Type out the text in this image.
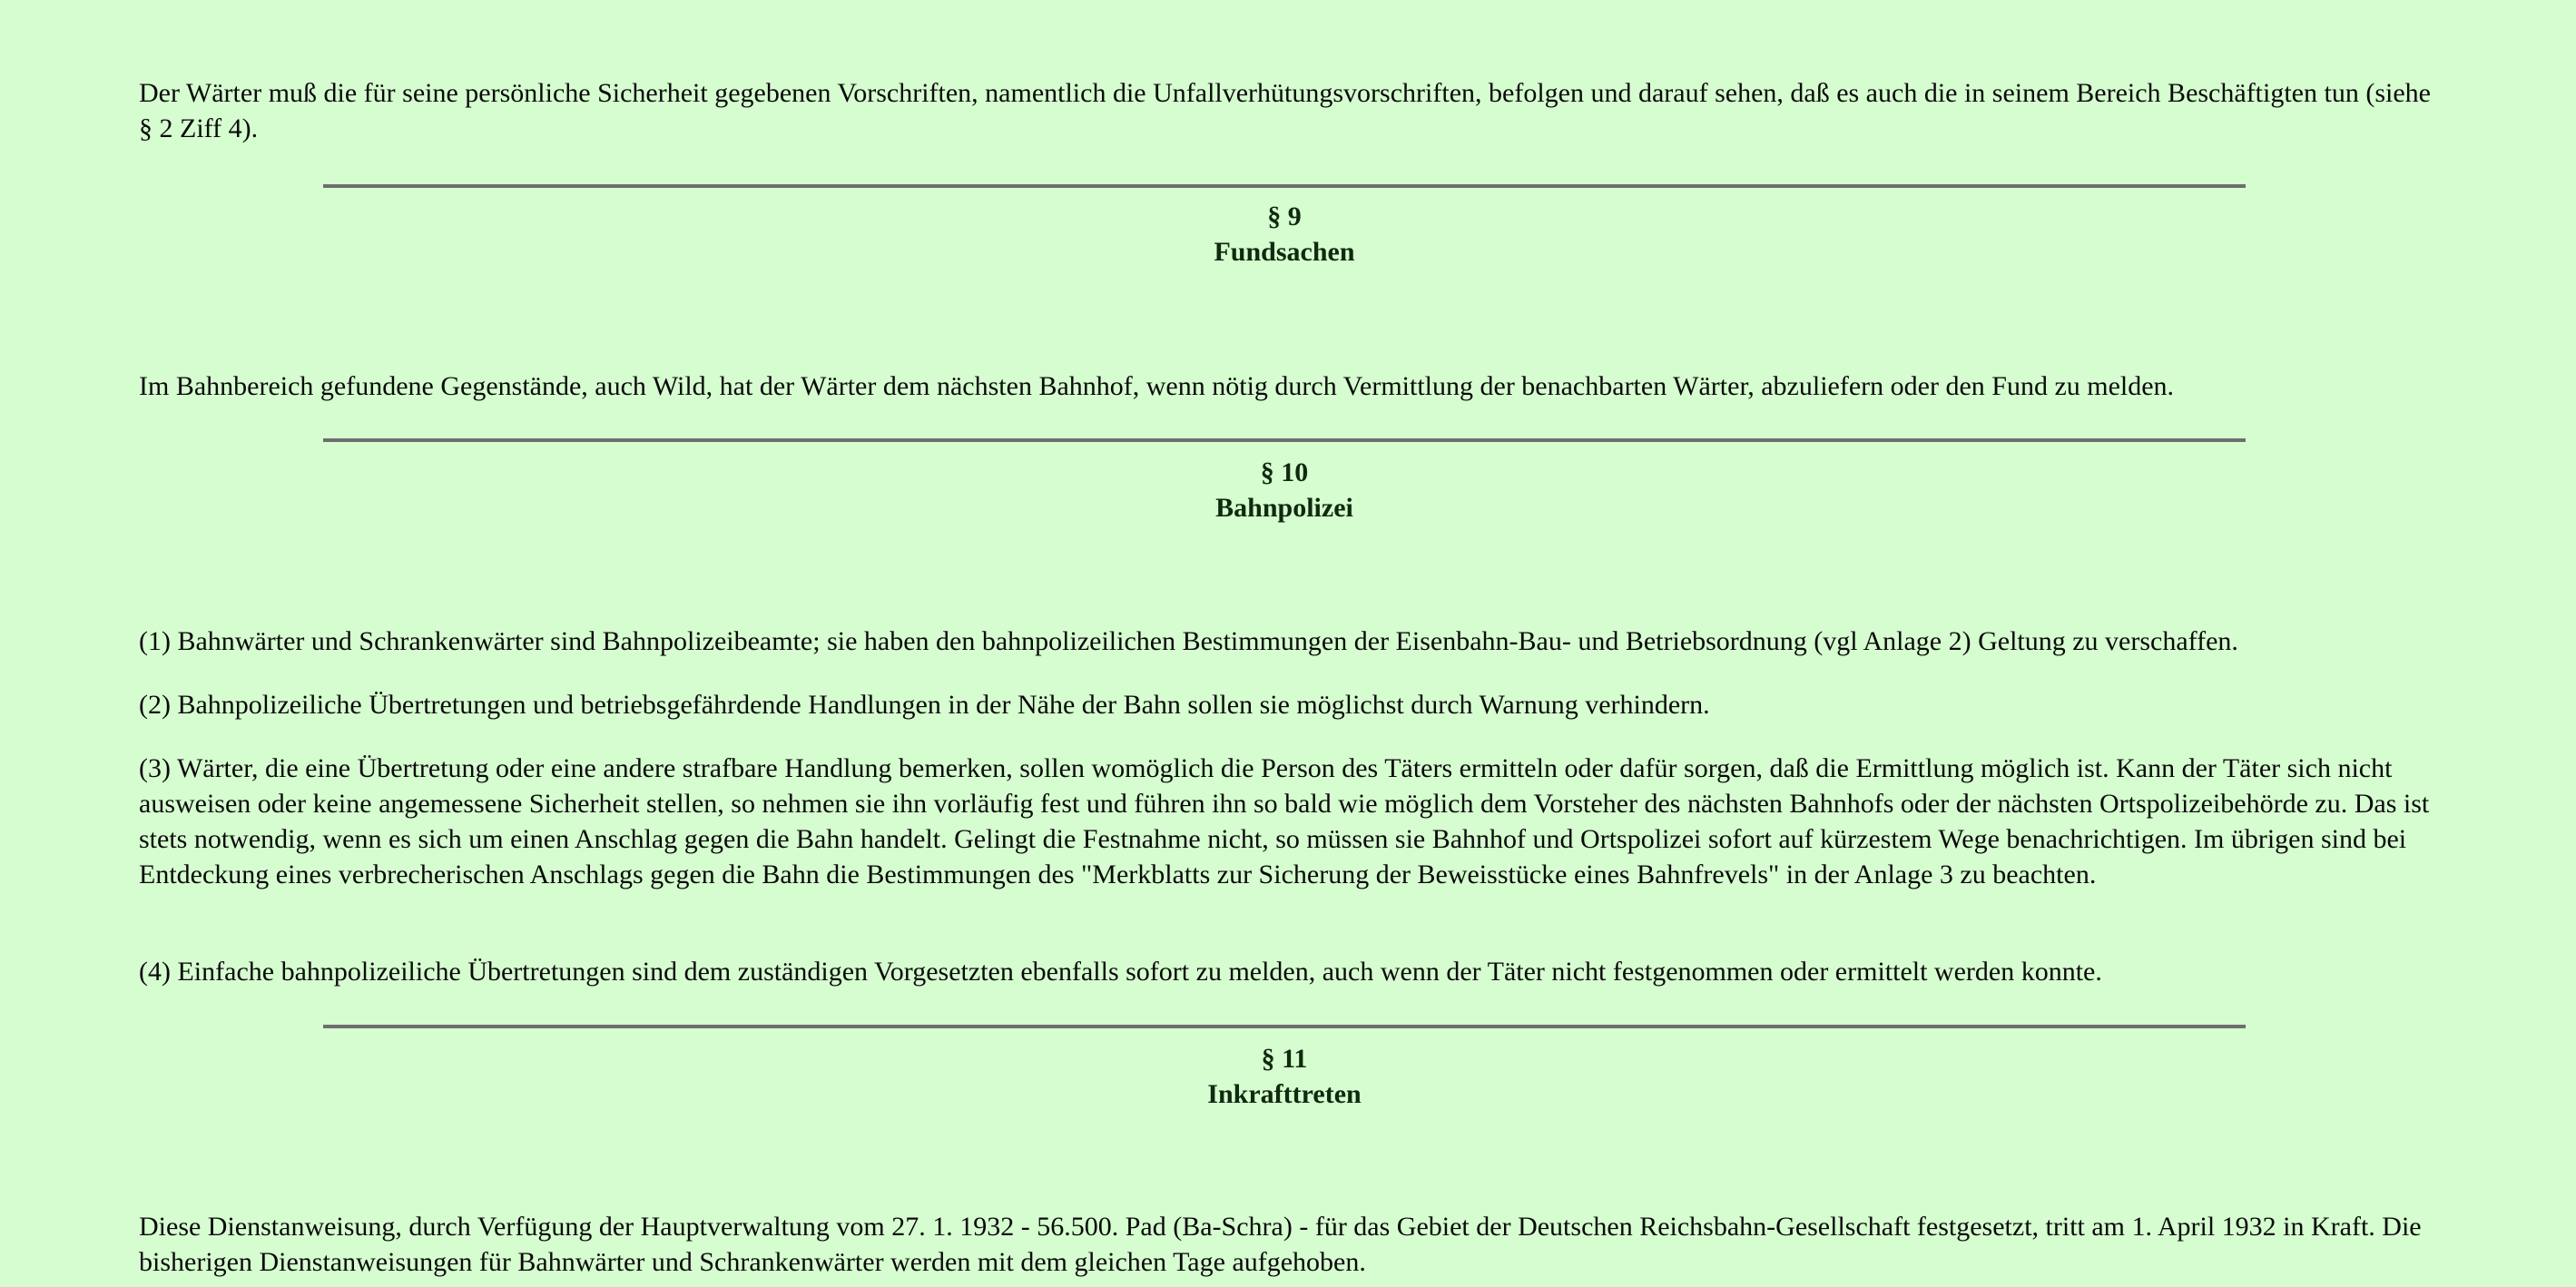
Der Wärter muß die für seine persönliche Sicherheit gegebenen Vorschriften, namentlich die Unfallverhütungsvorschriften, befolgen und darauf sehen, daß es auch die in seinem Bereich Beschäftigten tun (siehe § 2 Ziff 4).

§ 9
Fundsachen

Im Bahnbereich gefundene Gegenstände, auch Wild, hat der Wärter dem nächsten Bahnhof, wenn nötig durch Vermittlung der benachbarten Wärter, abzuliefern oder den Fund zu melden.

§ 10
Bahnpolizei

(1) Bahnwärter und Schrankenwärter sind Bahnpolizeibeamte; sie haben den bahnpolizeilichen Bestimmungen der Eisenbahn-Bau- und Betriebsordnung (vgl Anlage 2) Geltung zu verschaffen.

(2) Bahnpolizeiliche Übertretungen und betriebsgefährdende Handlungen in der Nähe der Bahn sollen sie möglichst durch Warnung verhindern.

(3) Wärter, die eine Übertretung oder eine andere strafbare Handlung bemerken, sollen womöglich die Person des Täters ermitteln oder dafür sorgen, daß die Ermittlung möglich ist. Kann der Täter sich nicht ausweisen oder keine angemessene Sicherheit stellen, so nehmen sie ihn vorläufig fest und führen ihn so bald wie möglich dem Vorsteher des nächsten Bahnhofs oder der nächsten Ortspolizeibehörde zu. Das ist stets notwendig, wenn es sich um einen Anschlag gegen die Bahn handelt. Gelingt die Festnahme nicht, so müssen sie Bahnhof und Ortspolizei sofort auf kürzestem Wege benachrichtigen. Im übrigen sind bei Entdeckung eines verbrecherischen Anschlags gegen die Bahn die Bestimmungen des "Merkblatts zur Sicherung der Beweisstücke eines Bahnfrevels" in der Anlage 3 zu beachten.

(4) Einfache bahnpolizeiliche Übertretungen sind dem zuständigen Vorgesetzten ebenfalls sofort zu melden, auch wenn der Täter nicht festgenommen oder ermittelt werden konnte.

§ 11
Inkrafttreten

Diese Dienstanweisung, durch Verfügung der Hauptverwaltung vom 27. 1. 1932 - 56.500. Pad (Ba-Schra) - für das Gebiet der Deutschen Reichsbahn-Gesellschaft festgesetzt, tritt am 1. April 1932 in Kraft. Die bisherigen Dienstanweisungen für Bahnwärter und Schrankenwärter werden mit dem gleichen Tage aufgehoben.
